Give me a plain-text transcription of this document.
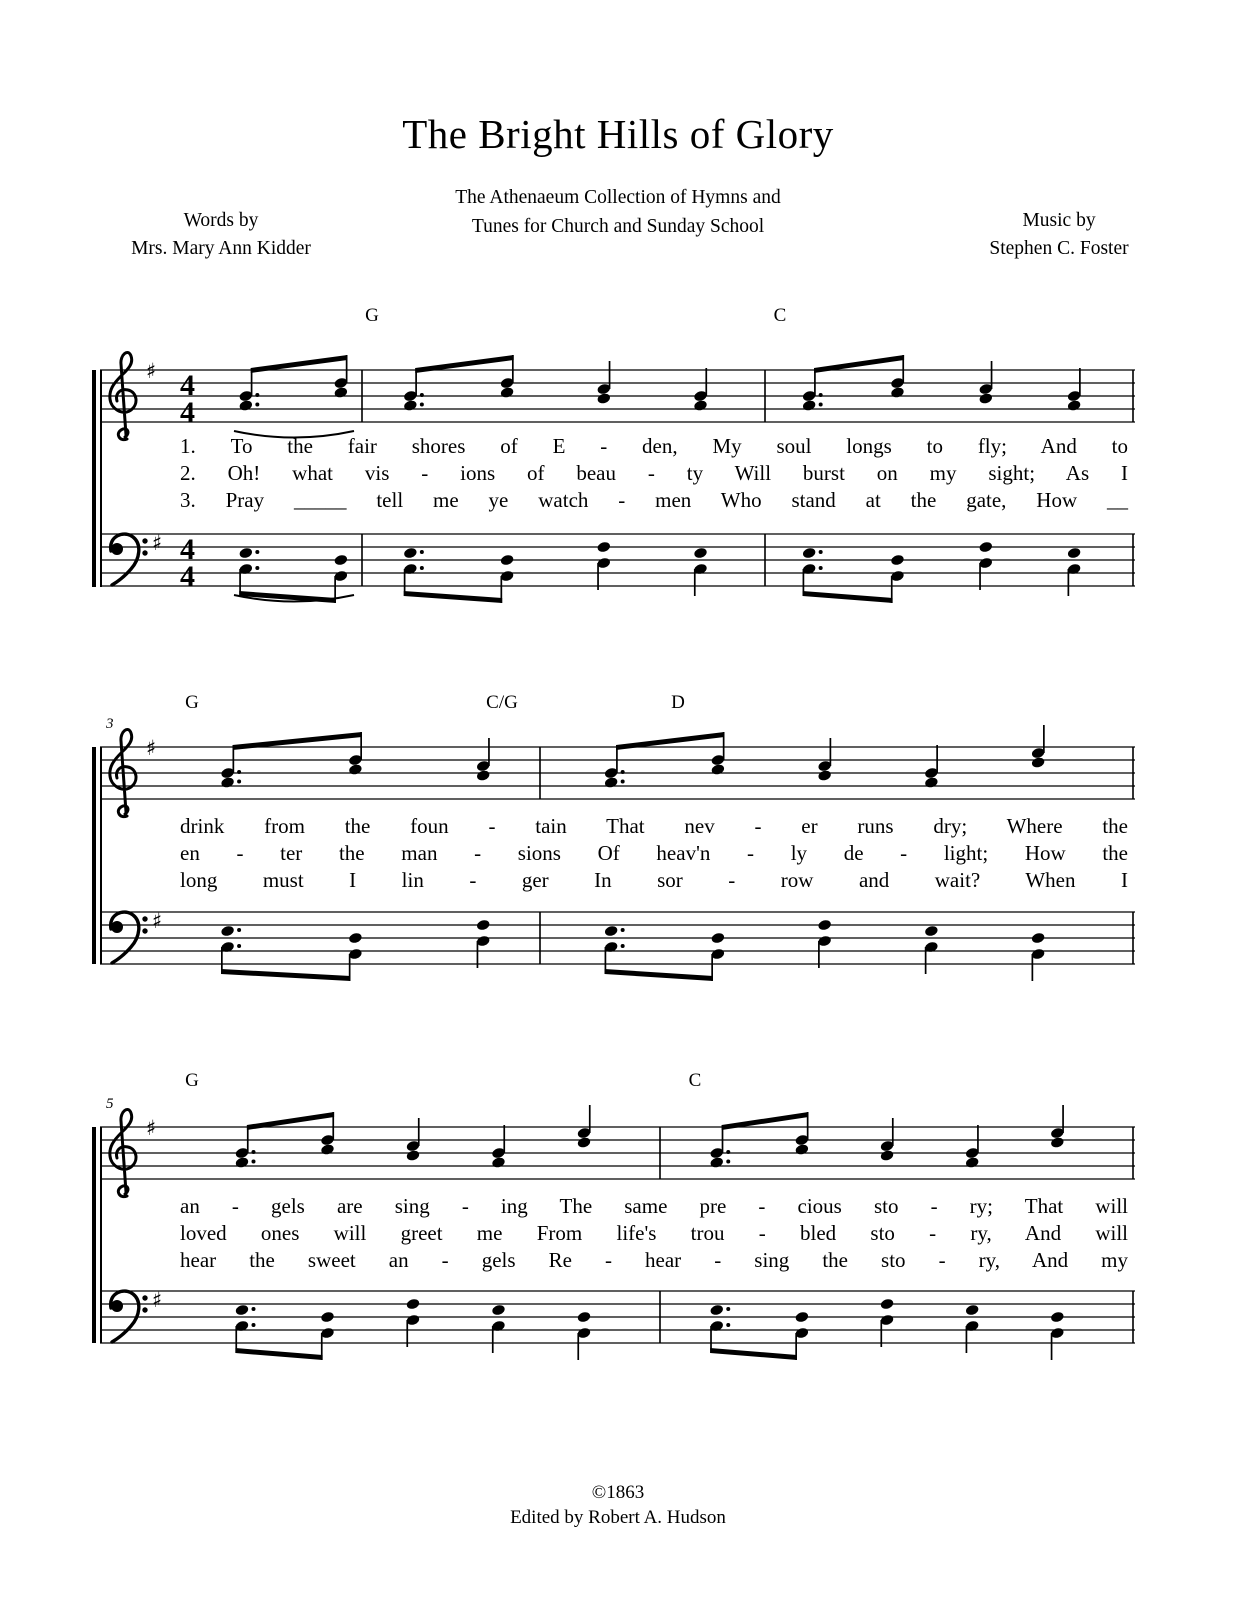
The Bright Hills of Glory
The Athenaeum Collection of Hymns and
Tunes for Church and Sunday School
Words by
Mrs. Mary Ann Kidder
Music by
Stephen C. Foster
G	C
♯ 4
4
1. To the fair shores of E - den, My soul longs to fly; And to
2. Oh! what vis - ions of beau - ty Will burst on my sight; As I
3. Pray _____ tell me ye watch - men Who stand at the gate, How __
♯ 4
4
3
G	C/G	D
♯
drink from the foun - tain That nev - er runs dry; Where the
en - ter the man - sions Of heav'n - ly de - light; How the
long must I lin - ger In sor - row and wait? When I
♯
5
G	C
♯
an - gels are sing - ing The same pre - cious sto - ry; That will
loved ones will greet me From life's trou - bled sto - ry, And will
hear the sweet an - gels Re - hear - sing the sto - ry, And my
♯
©1863
Edited by Robert A. Hudson
